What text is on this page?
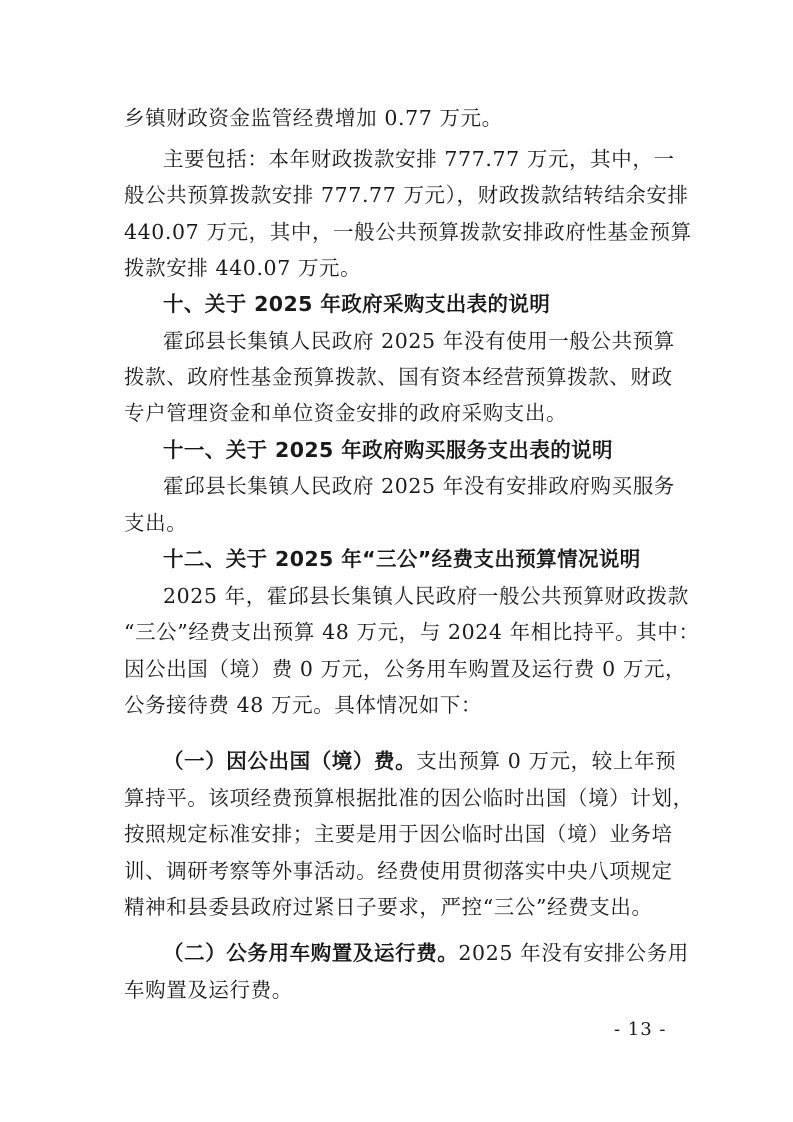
乡镇财政资金监管经费增加 0.77 万元。
主要包括：本年财政拨款安排 777.77 万元，其中，一
般公共预算拨款安排 777.77 万元），财政拨款结转结余安排
440.07 万元，其中，一般公共预算拨款安排政府性基金预算
拨款安排 440.07 万元。
十、关于 2025 年政府采购支出表的说明
霍邱县长集镇人民政府 2025 年没有使用一般公共预算
拨款、政府性基金预算拨款、国有资本经营预算拨款、财政
专户管理资金和单位资金安排的政府采购支出。
十一、关于 2025 年政府购买服务支出表的说明
霍邱县长集镇人民政府 2025 年没有安排政府购买服务
支出。
十二、关于 2025 年“三公”经费支出预算情况说明
2025 年，霍邱县长集镇人民政府一般公共预算财政拨款
“三公”经费支出预算 48 万元，与 2024 年相比持平。其中：
因公出国（境）费 0 万元，公务用车购置及运行费 0 万元，
公务接待费 48 万元。具体情况如下：
（一）因公出国（境）费。支出预算 0 万元，较上年预
算持平。该项经费预算根据批准的因公临时出国（境）计划，
按照规定标准安排；主要是用于因公临时出国（境）业务培
训、调研考察等外事活动。经费使用贯彻落实中央八项规定
精神和县委县政府过紧日子要求，严控“三公”经费支出。
（二）公务用车购置及运行费。2025 年没有安排公务用
车购置及运行费。
- 13 -
